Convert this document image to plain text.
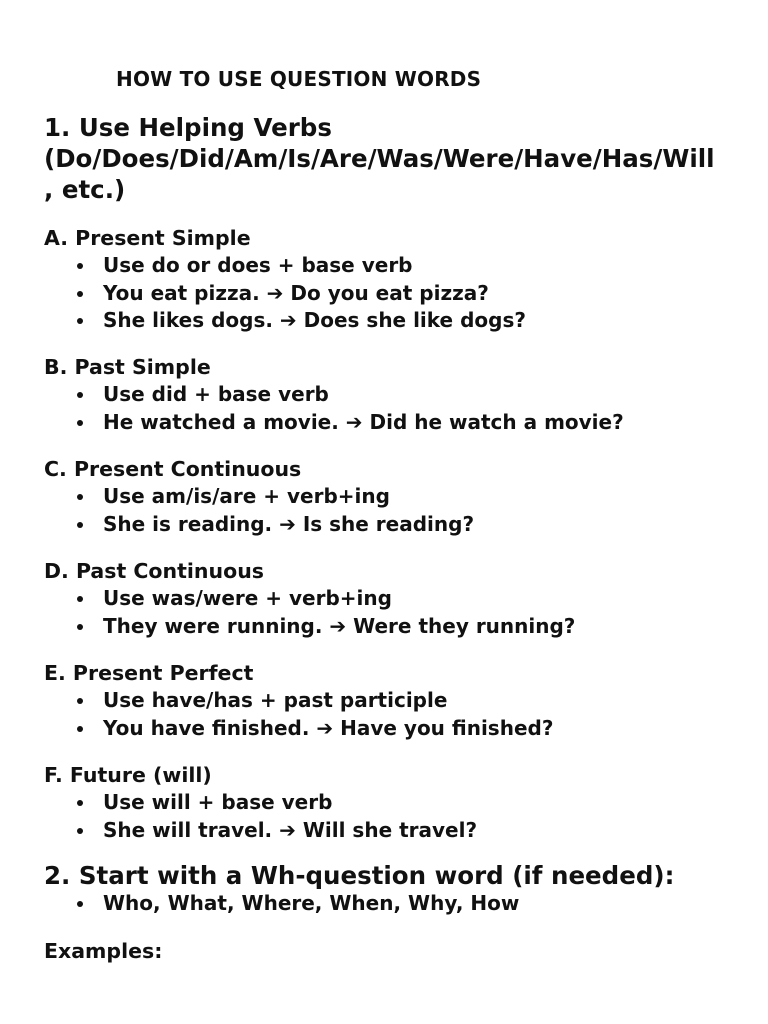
HOW TO USE QUESTION WORDS
1. Use Helping Verbs
(Do/Does/Did/Am/Is/Are/Was/Were/Have/Has/Will
, etc.)
A. Present Simple
Use do or does + base verb
You eat pizza. ➔ Do you eat pizza?
She likes dogs. ➔ Does she like dogs?
B. Past Simple
Use did + base verb
He watched a movie. ➔ Did he watch a movie?
C. Present Continuous
Use am/is/are + verb+ing
She is reading. ➔ Is she reading?
D. Past Continuous
Use was/were + verb+ing
They were running. ➔ Were they running?
E. Present Perfect
Use have/has + past participle
You have finished. ➔ Have you finished?
F. Future (will)
Use will + base verb
She will travel. ➔ Will she travel?
2. Start with a Wh-question word (if needed):
Who, What, Where, When, Why, How
Examples:
